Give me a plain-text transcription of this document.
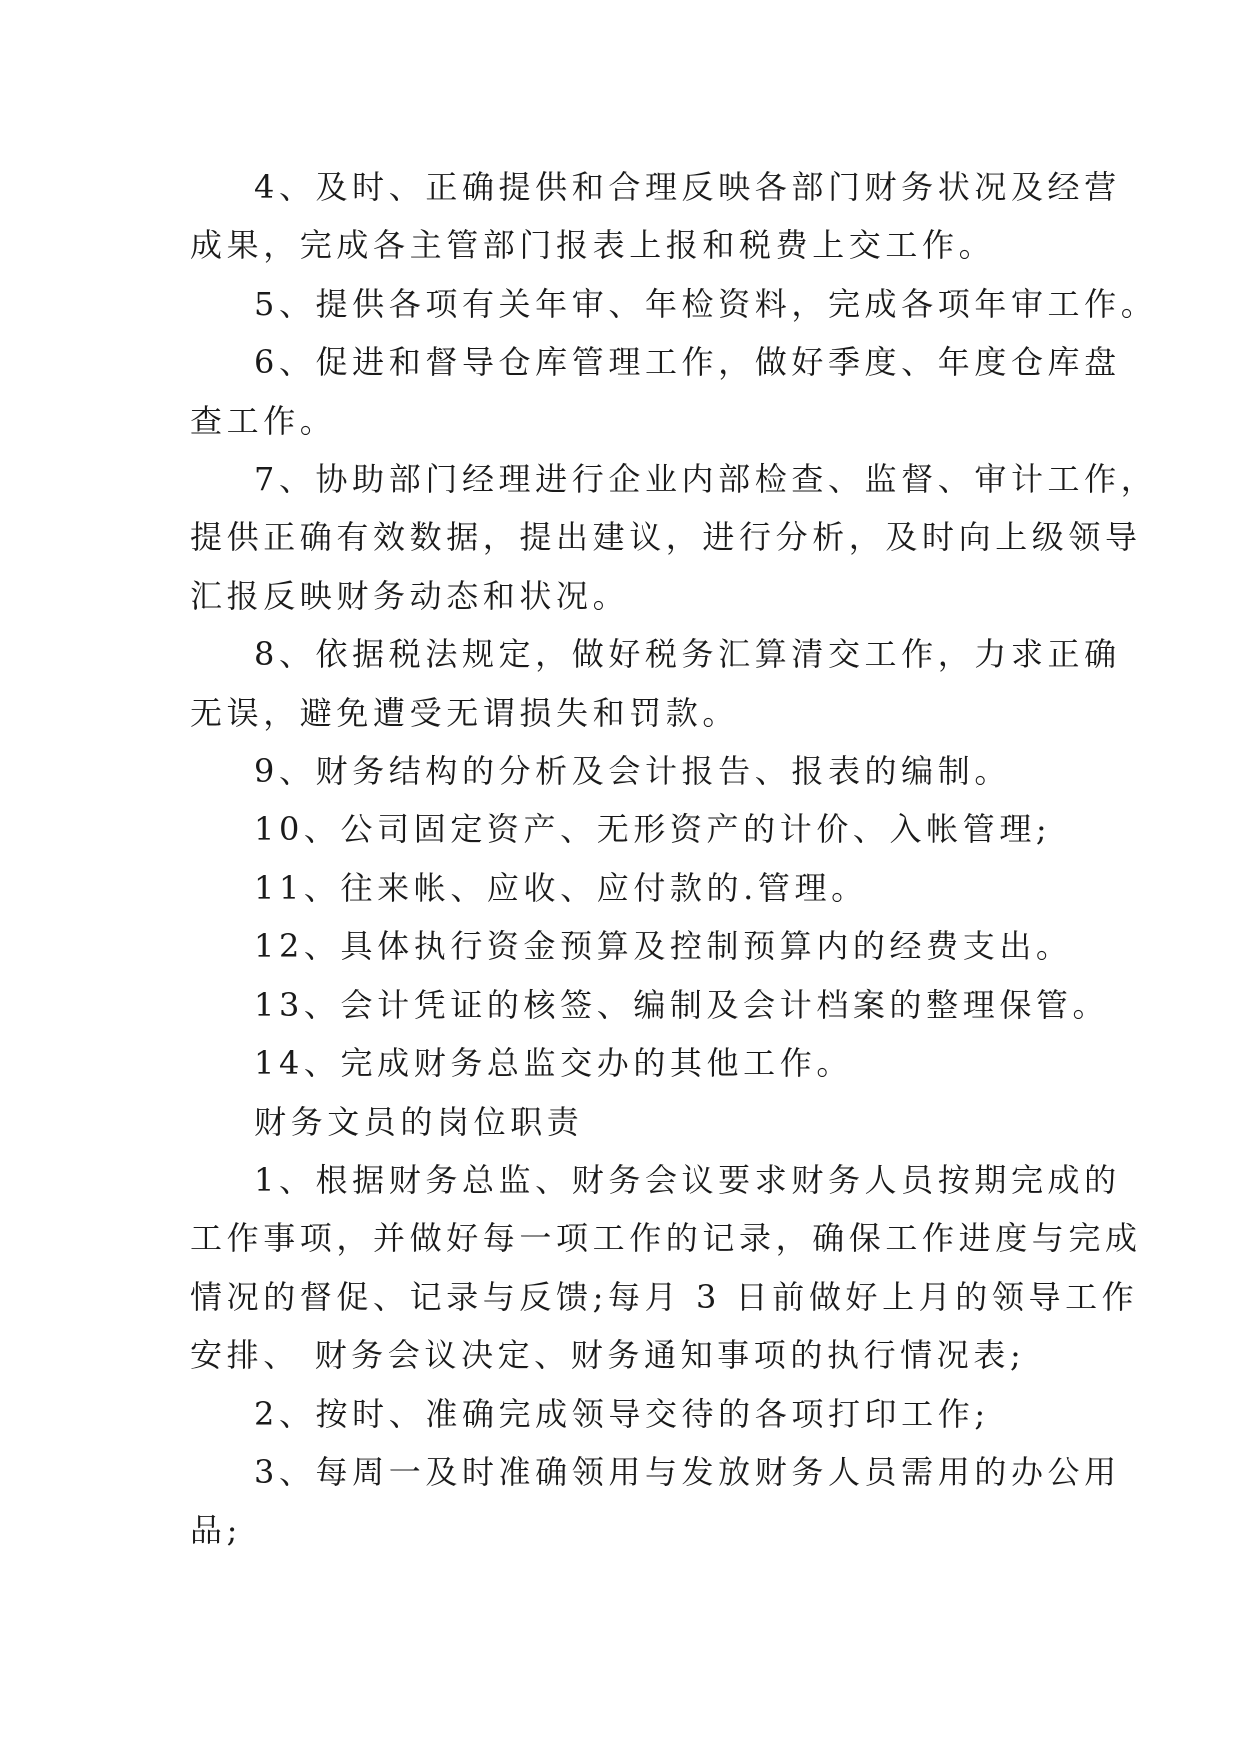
4、及时、正确提供和合理反映各部门财务状况及经营
成果，完成各主管部门报表上报和税费上交工作。
5、提供各项有关年审、年检资料，完成各项年审工作。
6、促进和督导仓库管理工作，做好季度、年度仓库盘
查工作。
7、协助部门经理进行企业内部检查、监督、审计工作，
提供正确有效数据，提出建议，进行分析，及时向上级领导
汇报反映财务动态和状况。
8、依据税法规定，做好税务汇算清交工作，力求正确
无误，避免遭受无谓损失和罚款。
9、财务结构的分析及会计报告、报表的编制。
10、公司固定资产、无形资产的计价、入帐管理;
11、往来帐、应收、应付款的.管理。
12、具体执行资金预算及控制预算内的经费支出。
13、会计凭证的核签、编制及会计档案的整理保管。
14、完成财务总监交办的其他工作。
财务文员的岗位职责
1、根据财务总监、财务会议要求财务人员按期完成的
工作事项，并做好每一项工作的记录，确保工作进度与完成
情况的督促、记录与反馈;每月 3 日前做好上月的领导工作
安排、 财务会议决定、财务通知事项的执行情况表;
2、按时、准确完成领导交待的各项打印工作;
3、每周一及时准确领用与发放财务人员需用的办公用
品;
